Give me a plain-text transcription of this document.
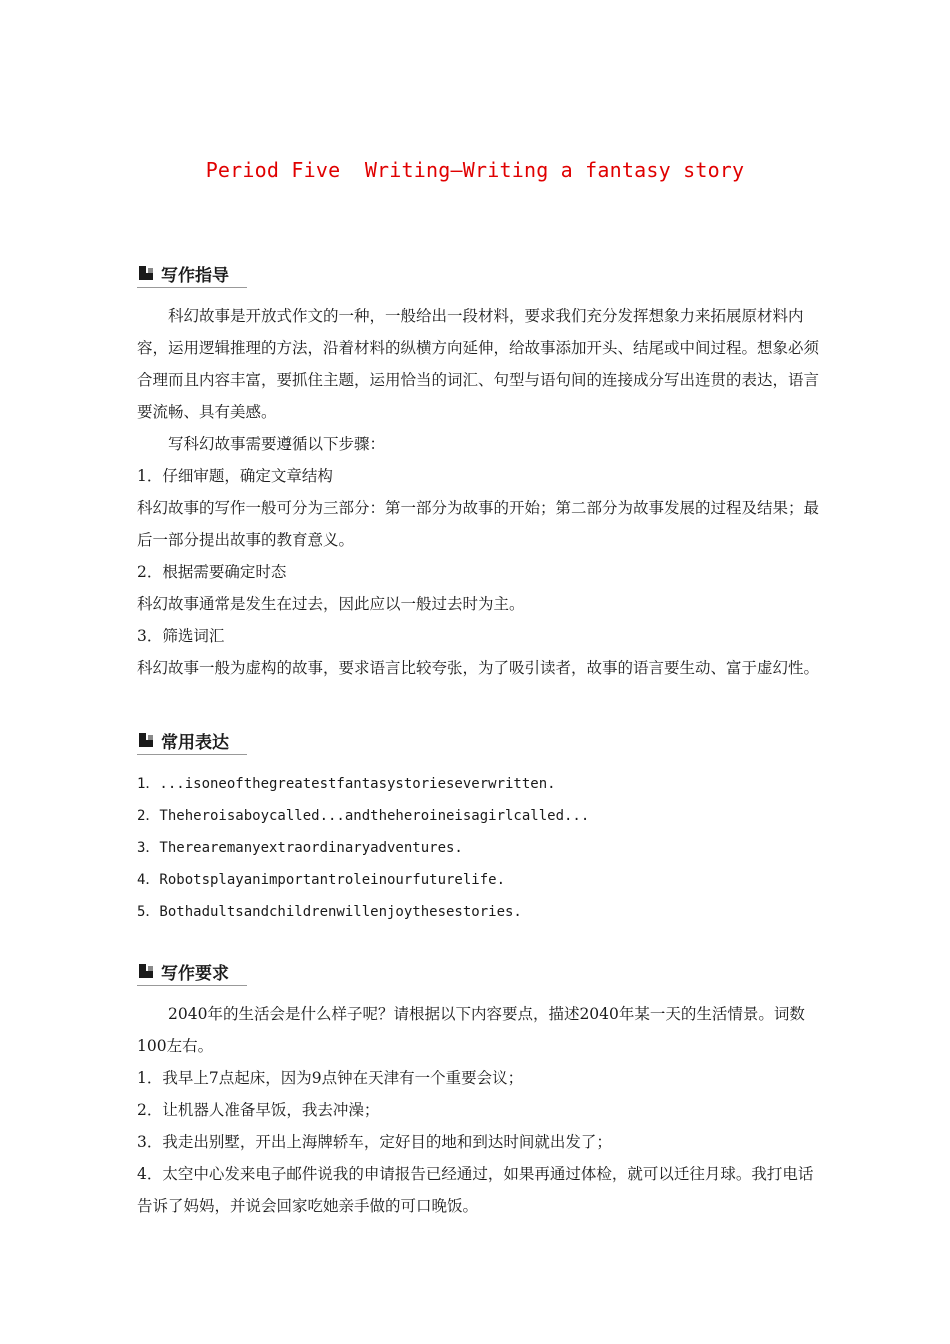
Period Five  Writing—Writing a fantasy story
写作指导

科幻故事是开放式作文的一种，一般给出一段材料，要求我们充分发挥想象力来拓展原材料内容，运用逻辑推理的方法，沿着材料的纵横方向延伸，给故事添加开头、结尾或中间过程。想象必须合理而且内容丰富，要抓住主题，运用恰当的词汇、句型与语句间的连接成分写出连贯的表达，语言要流畅、具有美感。

写科幻故事需要遵循以下步骤：

1．仔细审题，确定文章结构

科幻故事的写作一般可分为三部分：第一部分为故事的开始；第二部分为故事发展的过程及结果；最后一部分提出故事的教育意义。

2．根据需要确定时态

科幻故事通常是发生在过去，因此应以一般过去时为主。

3．筛选词汇

科幻故事一般为虚构的故事，要求语言比较夸张，为了吸引读者，故事的语言要生动、富于虚幻性。

常用表达

1．...isoneofthegreatestfantasystorieseverwritten.

2．Theheroisaboycalled...andtheheroineisagirlcalled...

3．Therearemanyextraordinaryadventures.

4．Robotsplayanimportantroleinourfuturelife.

5．Bothadultsandchildrenwillenjoythesestories.

写作要求

2040年的生活会是什么样子呢？请根据以下内容要点，描述2040年某一天的生活情景。词数100左右。

1．我早上7点起床，因为9点钟在天津有一个重要会议；

2．让机器人准备早饭，我去冲澡；

3．我走出别墅，开出上海牌轿车，定好目的地和到达时间就出发了；

4．太空中心发来电子邮件说我的申请报告已经通过，如果再通过体检，就可以迁往月球。我打电话告诉了妈妈，并说会回家吃她亲手做的可口晚饭。
